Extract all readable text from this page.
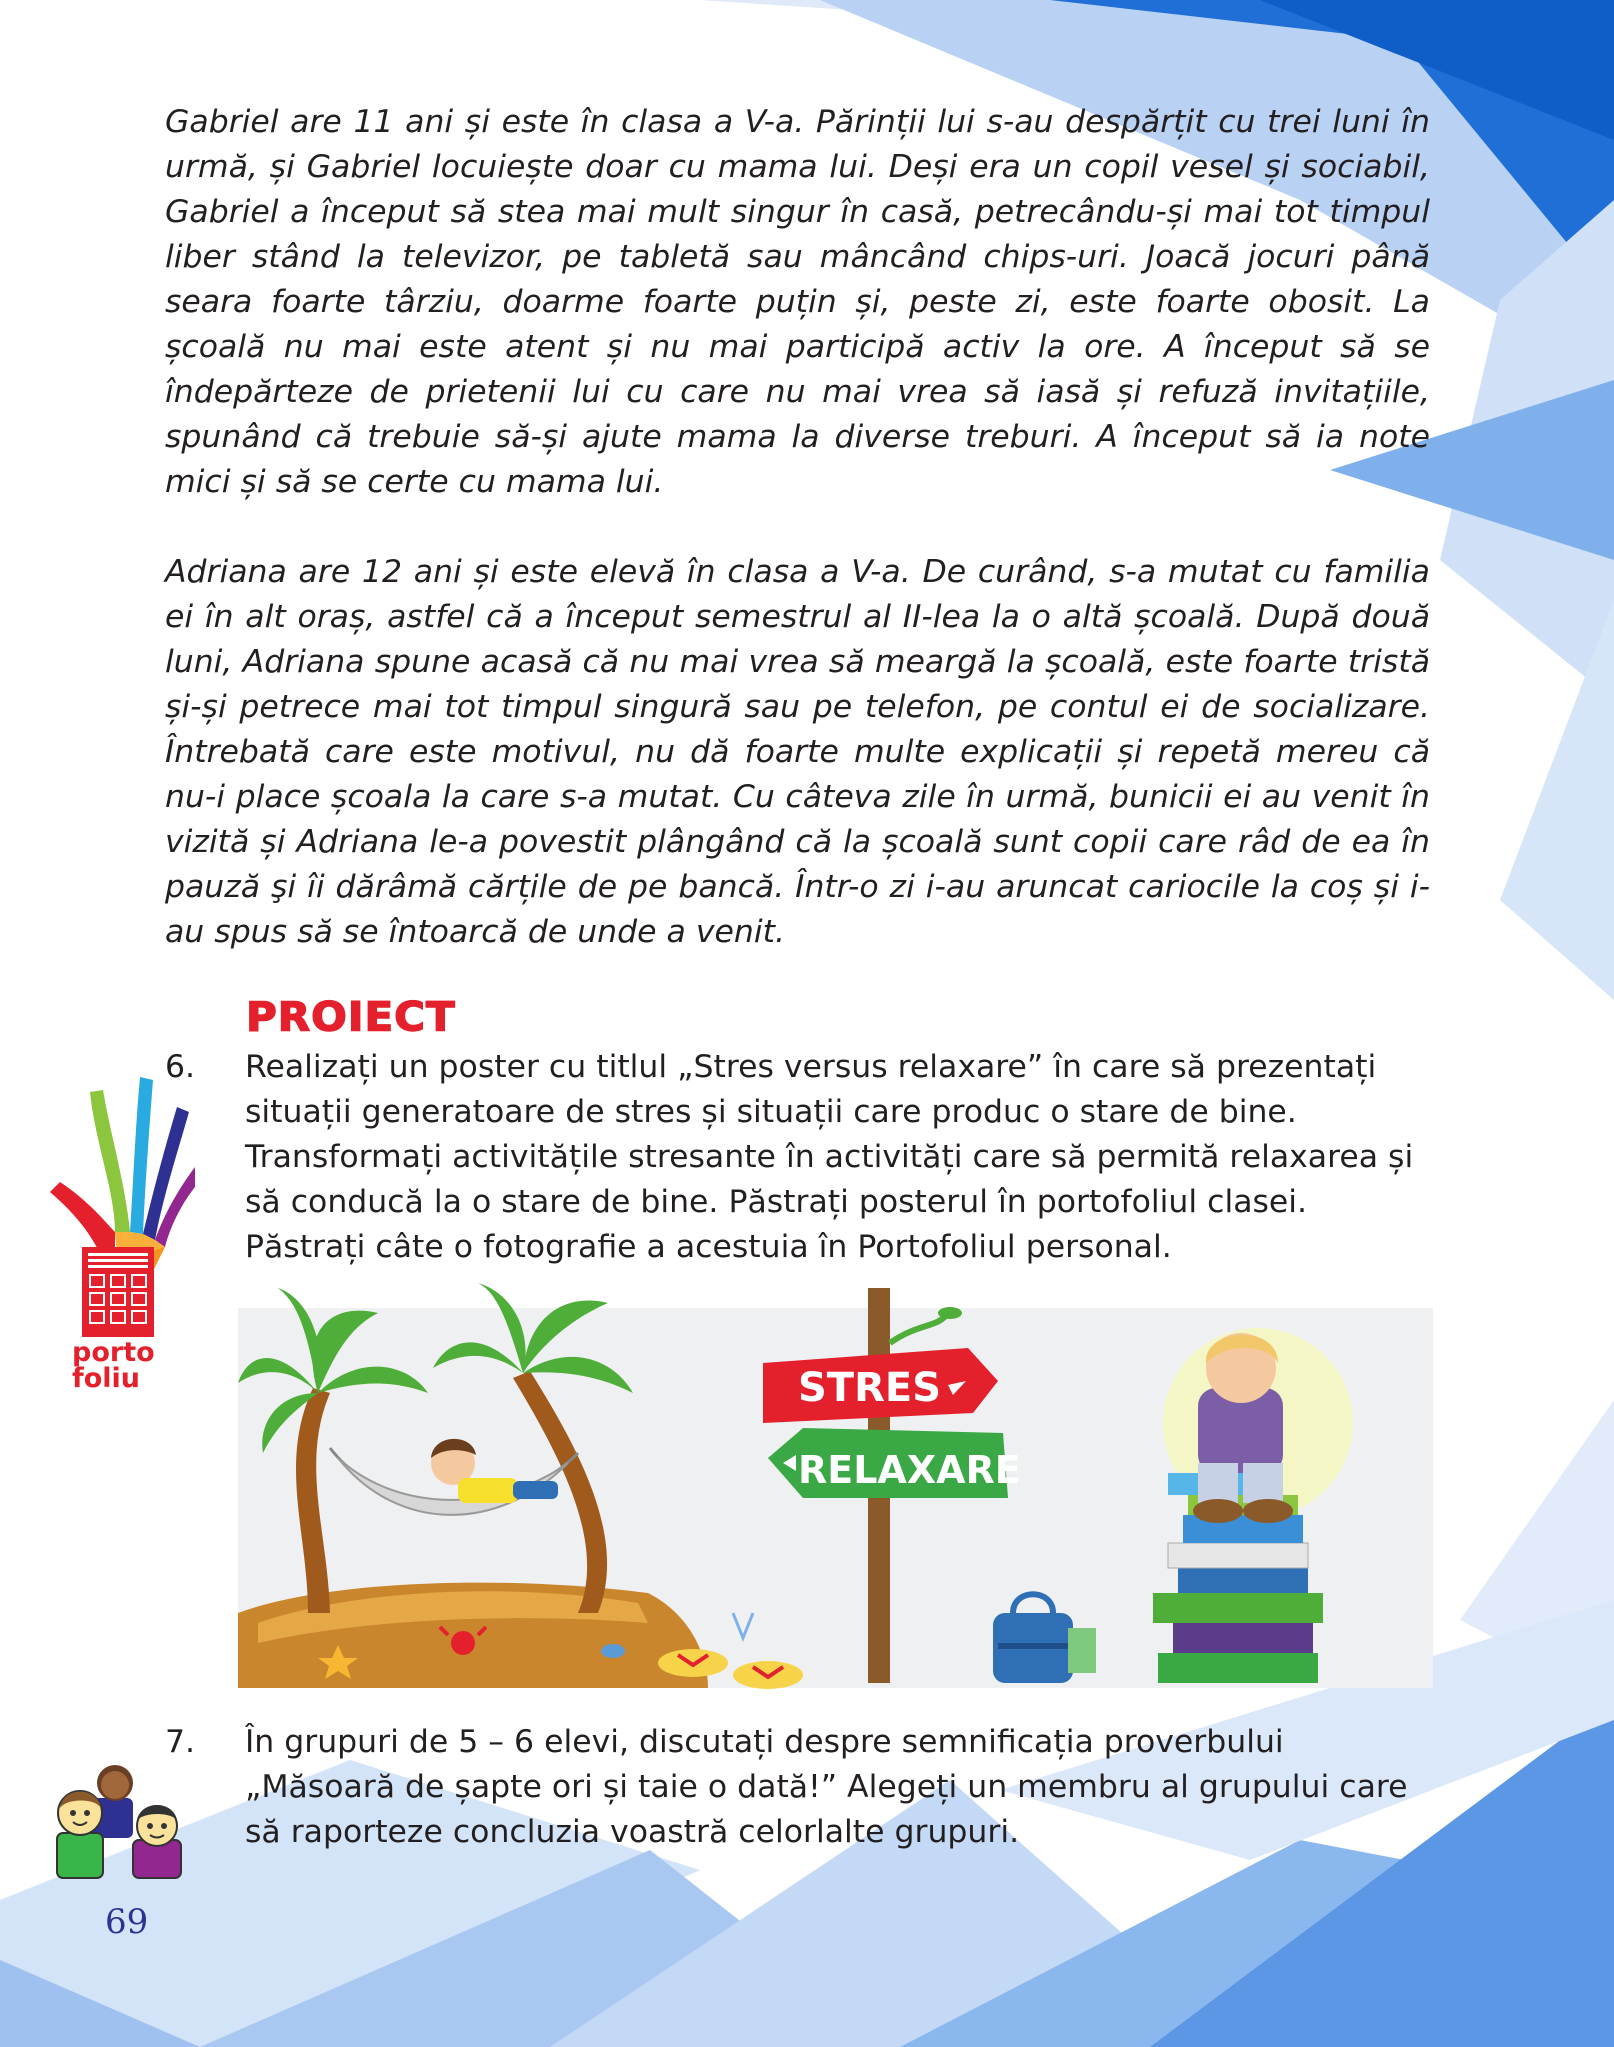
Gabriel are 11 ani și este în clasa a V-a. Părinții lui s-au despărțit cu trei luni în urmă, și Gabriel locuiește doar cu mama lui. Deși era un copil vesel și sociabil, Gabriel a început să stea mai mult singur în casă, petrecându-și mai tot timpul liber stând la televizor, pe tabletă sau mâncând chips-uri. Joacă jocuri până seara foarte târziu, doarme foarte puțin și, peste zi, este foarte obosit. La școală nu mai este atent și nu mai participă activ la ore. A început să se îndepărteze de prietenii lui cu care nu mai vrea să iasă și refuză invitațiile, spunând că trebuie să-și ajute mama la diverse treburi. A început să ia note mici și să se certe cu mama lui.

Adriana are 12 ani și este elevă în clasa a V-a. De curând, s-a mutat cu familia ei în alt oraș, astfel că a început semestrul al II-lea la o altă școală. După două luni, Adriana spune acasă că nu mai vrea să meargă la școală, este foarte tristă și-și petrece mai tot timpul singură sau pe telefon, pe contul ei de socializare. Întrebată care este motivul, nu dă foarte multe explicații și repetă mereu că nu-i place școala la care s-a mutat. Cu câteva zile în urmă, bunicii ei au venit în vizită și Adriana le-a povestit plângând că la școală sunt copii care râd de ea în pauză şi îi dărâmă cărțile de pe bancă. Într-o zi i-au aruncat cariocile la coș și i-au spus să se întoarcă de unde a venit.

PROIECT
6. Realizați un poster cu titlul „Stres versus relaxare” în care să prezentați situații generatoare de stres și situații care produc o stare de bine. Transformați activitățile stresante în activități care să permită relaxarea și să conducă la o stare de bine. Păstrați posterul în portofoliul clasei. Păstrați câte o fotografie a acestuia în Portofoliul personal.
7. În grupuri de 5 – 6 elevi, discutați despre semnificația proverbului „Măsoară de șapte ori și taie o dată!” Alegeți un membru al grupului care să raporteze concluzia voastră celorlalte grupuri.
porto
foliu	STRES
RELAXARE
69
